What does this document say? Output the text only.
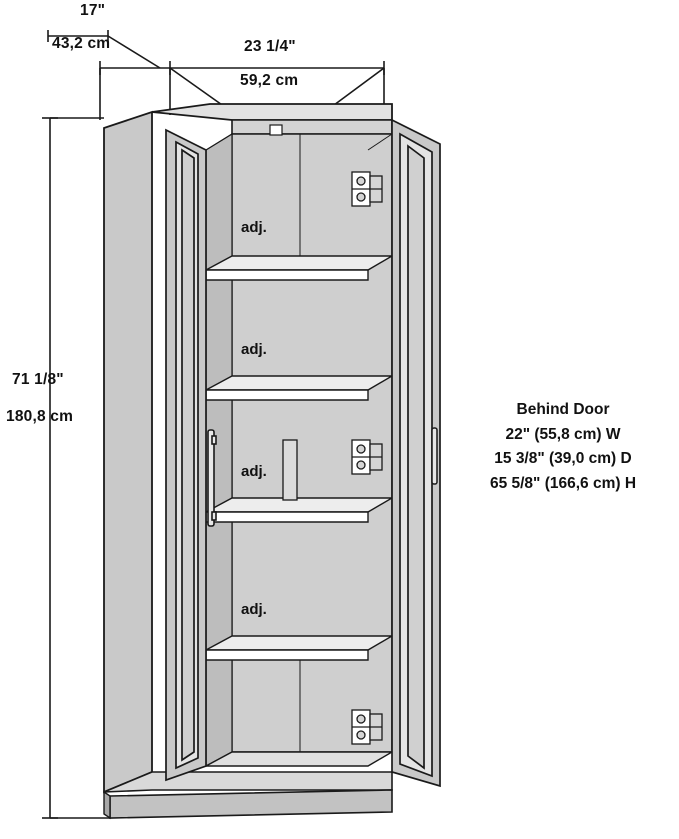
17"
43,2 cm	23 1/4"
59,2 cm
71 1/8"
180,8 cm
adj.
adj.
adj.
adj.
Behind Door
22" (55,8 cm) W
15 3/8" (39,0 cm) D
65 5/8" (166,6 cm) H
